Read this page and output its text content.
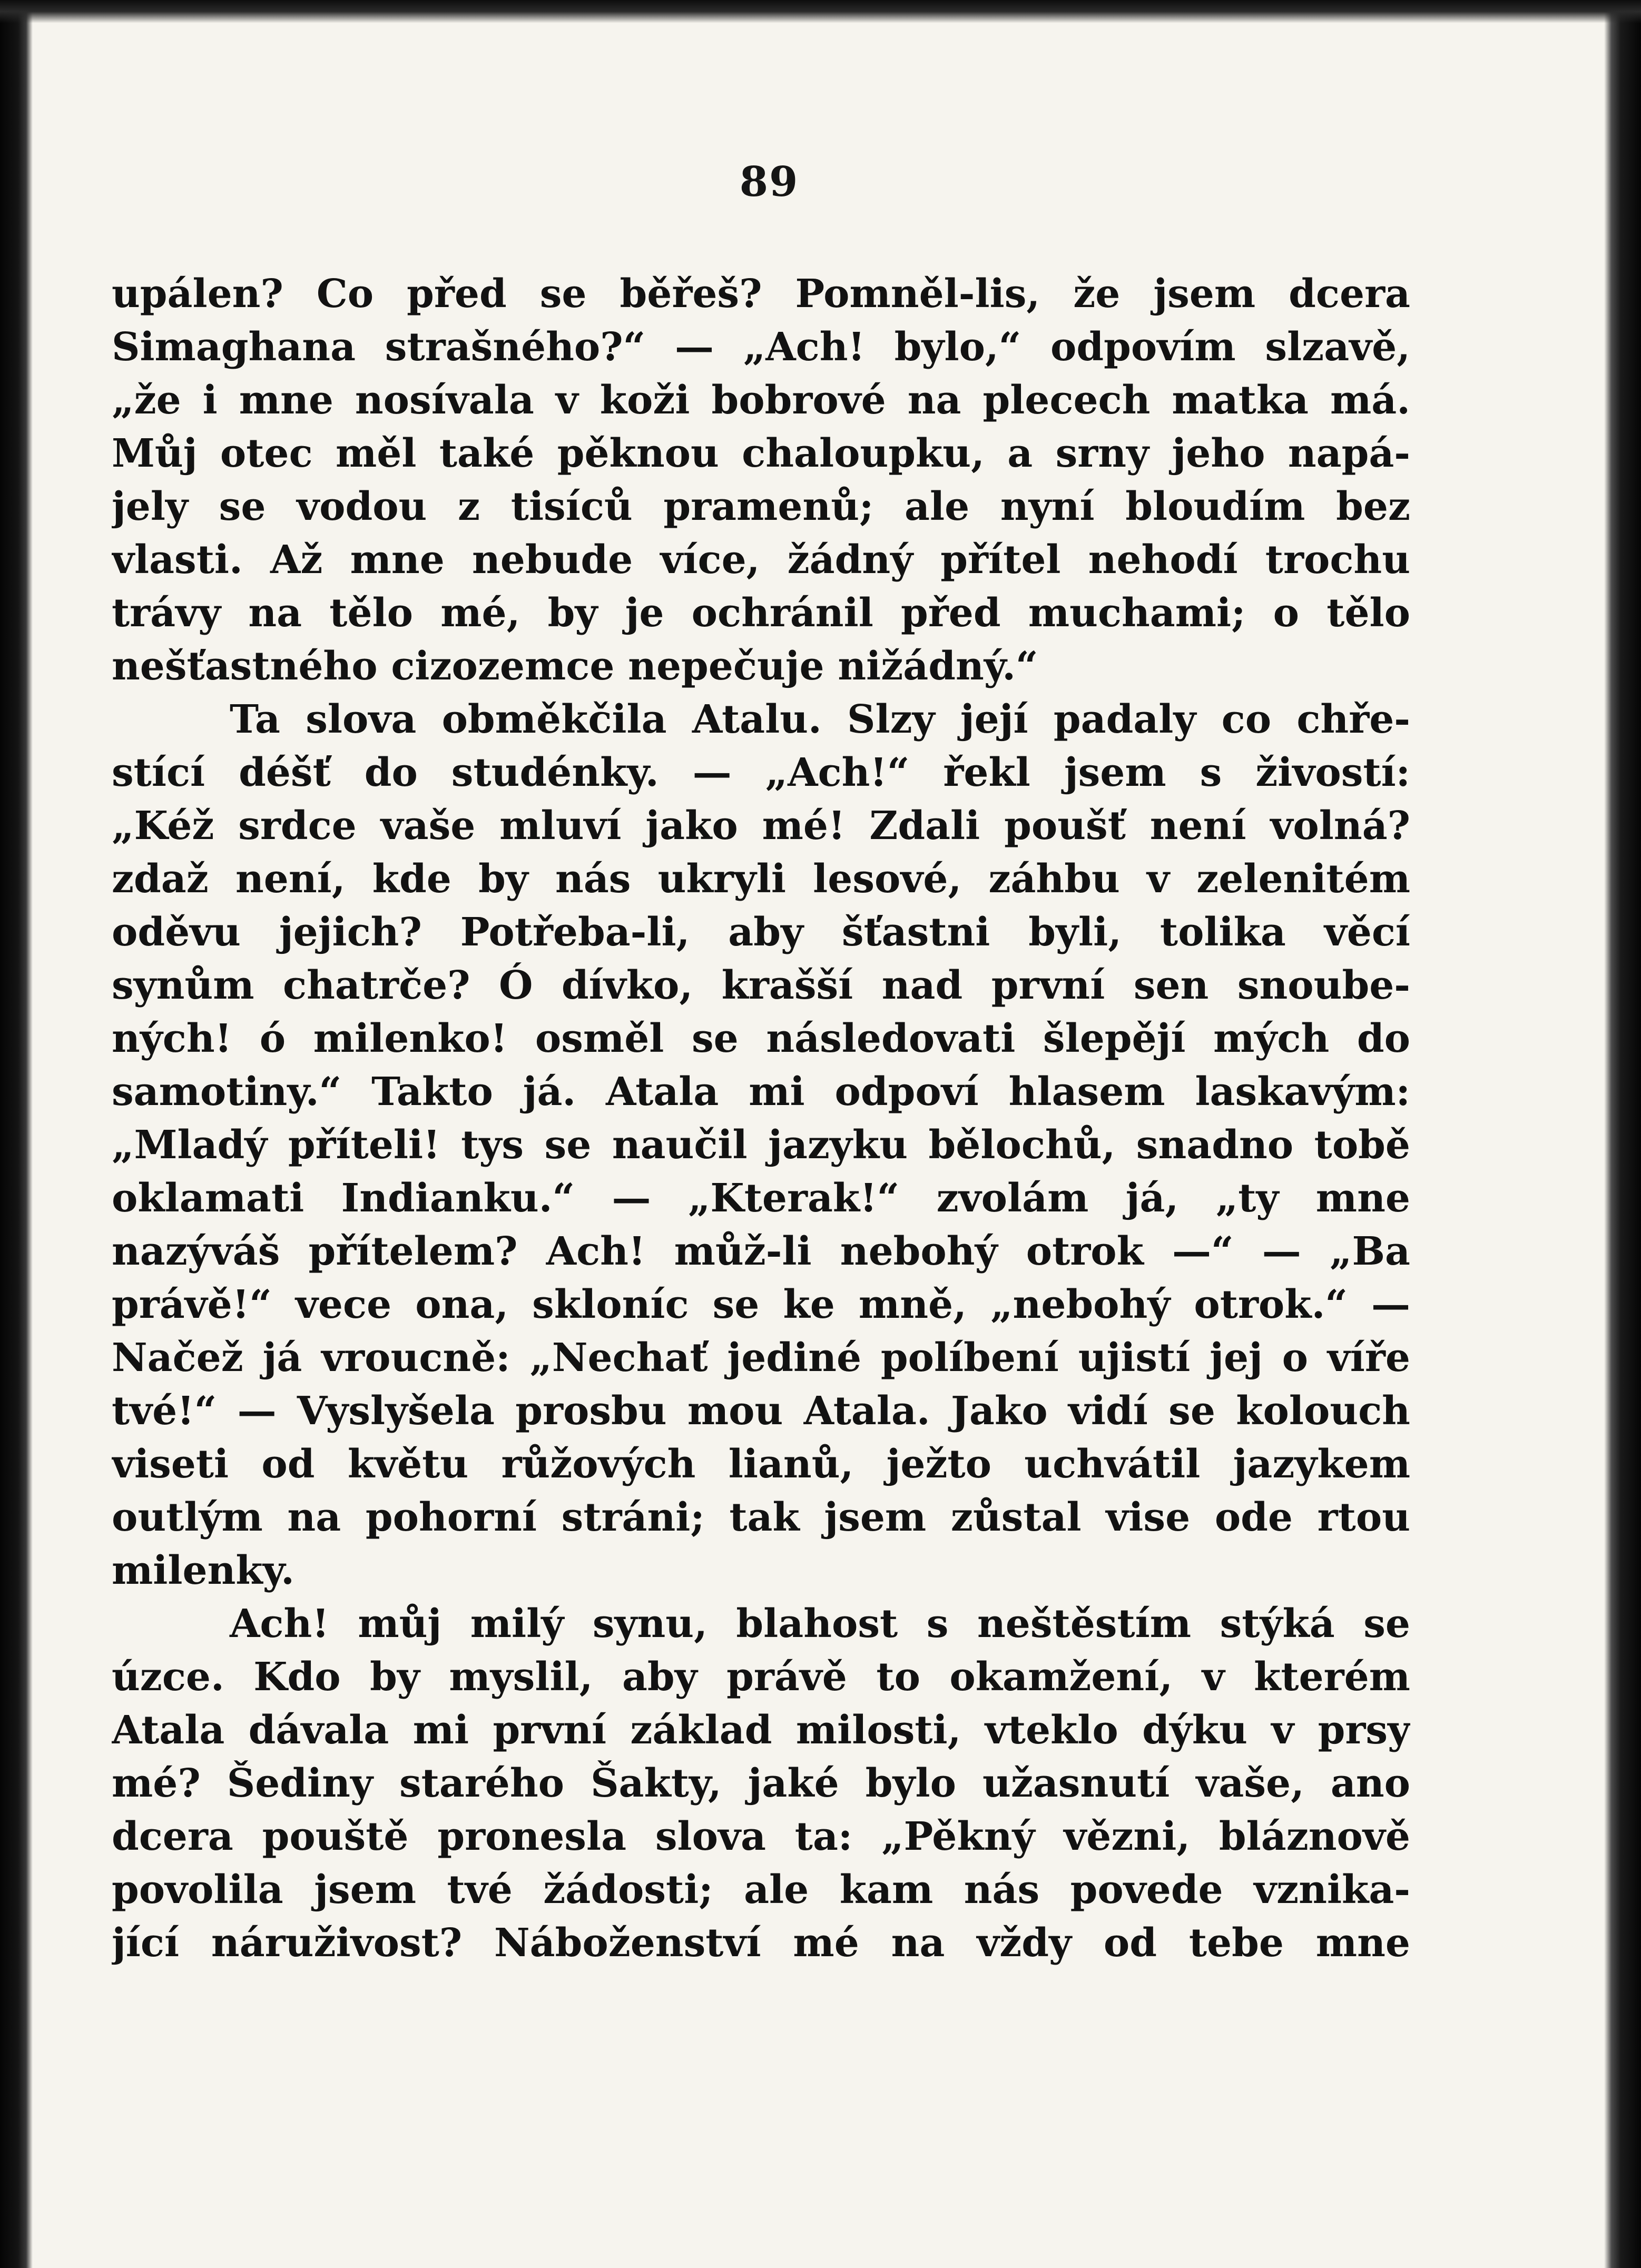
89
upálen? Co před se běřeš? Pomněl-lis, že jsem dcera
Simaghana strašného?“ — „Ach! bylo,“ odpovím slzavě,
„že i mne nosívala v koži bobrové na plecech matka má.
Můj otec měl také pěknou chaloupku, a srny jeho napá-
jely se vodou z tisíců pramenů; ale nyní bloudím bez
vlasti. Až mne nebude více, žádný přítel nehodí trochu
trávy na tělo mé, by je ochránil před muchami; o tělo
nešťastného cizozemce nepečuje nižádný.“
Ta slova obměkčila Atalu. Slzy její padaly co chře-
stící déšť do studénky. — „Ach!“ řekl jsem s živostí:
„Kéž srdce vaše mluví jako mé! Zdali poušť není volná?
zdaž není, kde by nás ukryli lesové, záhbu v zelenitém
oděvu jejich? Potřeba-li, aby šťastni byli, tolika věcí
synům chatrče? Ó dívko, krašší nad první sen snoube-
ných! ó milenko! osměl se následovati šlepějí mých do
samotiny.“ Takto já. Atala mi odpoví hlasem laskavým:
„Mladý příteli! tys se naučil jazyku bělochů, snadno tobě
oklamati Indianku.“ — „Kterak!“ zvolám já, „ty mne
nazýváš přítelem? Ach! můž-li nebohý otrok —“ — „Ba
právě!“ vece ona, skloníc se ke mně, „nebohý otrok.“ —
Načež já vroucně: „Nechať jediné políbení ujistí jej o víře
tvé!“ — Vyslyšela prosbu mou Atala. Jako vidí se kolouch
viseti od květu růžových lianů, ježto uchvátil jazykem
outlým na pohorní stráni; tak jsem zůstal vise ode rtou
milenky.
Ach! můj milý synu, blahost s neštěstím stýká se
úzce. Kdo by myslil, aby právě to okamžení, v kterém
Atala dávala mi první základ milosti, vteklo dýku v prsy
mé? Šediny starého Šakty, jaké bylo užasnutí vaše, ano
dcera pouště pronesla slova ta: „Pěkný vězni, bláznově
povolila jsem tvé žádosti; ale kam nás povede vznika-
jící náruživost? Náboženství mé na vždy od tebe mne
